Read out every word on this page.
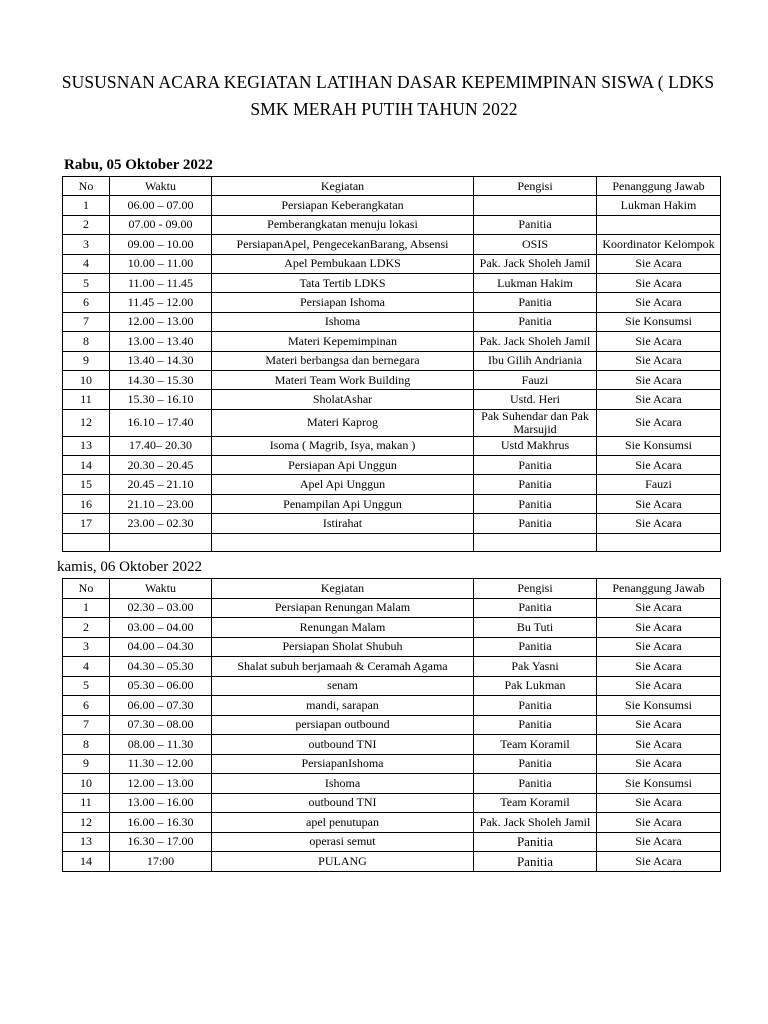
SUSUSNAN ACARA KEGIATAN LATIHAN DASAR KEPEMIMPINAN SISWA ( LDKS
SMK MERAH PUTIH TAHUN 2022
Rabu, 05 Oktober 2022
No	Waktu	Kegiatan	Pengisi	Penanggung Jawab
1	06.00 – 07.00	Persiapan Keberangkatan		Lukman Hakim
2	07.00 - 09.00	Pemberangkatan menuju lokasi	Panitia	
3	09.00 – 10.00	PersiapanApel, PengecekanBarang, Absensi	OSIS	Koordinator Kelompok
4	10.00 – 11.00	Apel Pembukaan LDKS	Pak. Jack Sholeh Jamil	Sie Acara
5	11.00 – 11.45	Tata Tertib LDKS	Lukman Hakim	Sie Acara
6	11.45 – 12.00	Persiapan Ishoma	Panitia	Sie Acara
7	12.00 – 13.00	Ishoma	Panitia	Sie Konsumsi
8	13.00 – 13.40	Materi Kepemimpinan	Pak. Jack Sholeh Jamil	Sie Acara
9	13.40 – 14.30	Materi berbangsa dan bernegara	Ibu Gilih Andriania	Sie Acara
10	14.30 – 15.30	Materi Team Work Building	Fauzi	Sie Acara
11	15.30 – 16.10	SholatAshar	Ustd. Heri	Sie Acara
12	16.10 – 17.40	Materi Kaprog	Pak Suhendar dan Pak Marsujid	Sie Acara
13	17.40– 20.30	Isoma ( Magrib, Isya, makan )	Ustd Makhrus	Sie Konsumsi
14	20.30 – 20.45	Persiapan Api Unggun	Panitia	Sie Acara
15	20.45 – 21.10	Apel Api Unggun	Panitia	Fauzi
16	21.10 – 23.00	Penampilan Api Unggun	Panitia	Sie Acara
17	23.00 – 02.30	Istirahat	Panitia	Sie Acara

kamis, 06 Oktober 2022
No	Waktu	Kegiatan	Pengisi	Penanggung Jawab
1	02.30 – 03.00	Persiapan Renungan Malam	Panitia	Sie Acara
2	03.00 – 04.00	Renungan Malam	Bu Tuti	Sie Acara
3	04.00 – 04.30	Persiapan Sholat Shubuh	Panitia	Sie Acara
4	04.30 – 05.30	Shalat subuh berjamaah & Ceramah Agama	Pak Yasni	Sie Acara
5	05.30 – 06.00	senam	Pak Lukman	Sie Acara
6	06.00 – 07.30	mandi, sarapan	Panitia	Sie Konsumsi
7	07.30 – 08.00	persiapan outbound	Panitia	Sie Acara
8	08.00 – 11.30	outbound TNI	Team Koramil	Sie Acara
9	11.30 – 12.00	PersiapanIshoma	Panitia	Sie Acara
10	12.00 – 13.00	Ishoma	Panitia	Sie Konsumsi
11	13.00 – 16.00	outbound TNI	Team Koramil	Sie Acara
12	16.00 – 16.30	apel penutupan	Pak. Jack Sholeh Jamil	Sie Acara
13	16.30 – 17.00	operasi semut	Panitia	Sie Acara
14	17:00	PULANG	Panitia	Sie Acara
